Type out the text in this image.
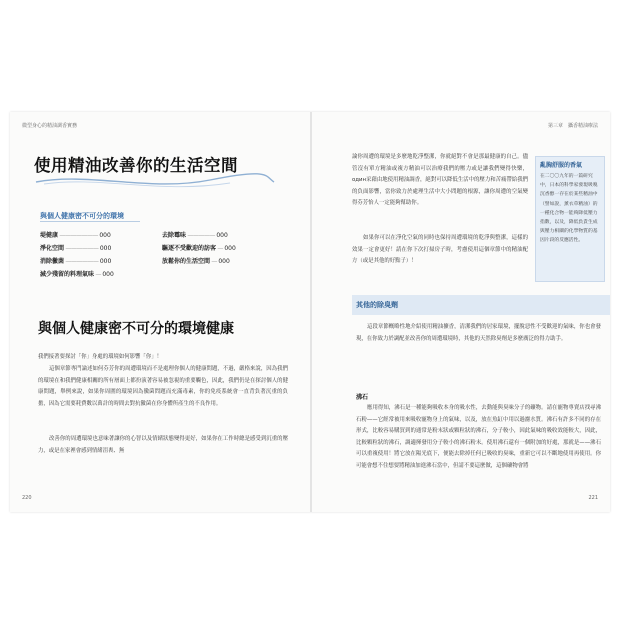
微型身心的精油調香實務	第三章　攝香精油療法
使用精油改善你的生活空間
與個人健康密不可分的環境
堤健康 ——————— 000
淨化空間 —————— 000
消除黴菌 —————— 000
減少殘留的料理氣味 — 000
去除霉味 ————— 000
驅逐不受歡迎的訪客 — 000
放鬆你的生活空間 — 000
與個人健康密不可分的環境健康
我們接著要探討「你」身處的環境如何影響「你」！
這個章節專門論述如何芬芳你的周遭環境而不是處理你個人的健康問題，不過，嚴格來說，因為我們的環境在和我們健康相關的所有層面上都扮演著容易被忽視的重要觸色，因此，我們仍是在探討個人的健康問題，舉例來說，如果你周圍的環境因為黴菌問題而充滿毒素，你的免疫系統會一直背負著沉重的負擔，因為它需要耗費數以萬計的時間去對抗黴菌在你身體所產生的不良作用。
改善你的周遭環境也意味著讓你的心智以及情緒狀態變得更好，如果你在工作時總是感受到沉重的壓力，或是在家裡會感到情緒沮喪、無
論你周遭的環境是多麼地乾淨整潔，你就絕對不會是那最健康的自己。儘管沒有單方精油或複方精油可以治療我們的壓力或是讓我們變得快樂，один采藉由地使用精油調香，絕對可以降低生活中的壓力和苦痛帶給我們的負面影響，當你致力於處理生活中大小問題的根源，讓你周遭的空氣變得芬芳怡人一定能夠幫助你。
如果你可以在淨化空氣的同時也保持周遭環境的乾淨與整潔，這樣的效果一定會更好！請在你下次打掃房子時，考慮使用這個章節中的精油配方（或是其他的好點子）！
亂胸舒服的香氣
在二〇〇九年的一篇研究中，日本的科學家發現吸嗅沉香醇一存在於某些精油中（譬如說，薰衣草精油）的一種化合物一能夠降低壓力指數，以及，降低負責生成與壓力相關的化學物質的基因片段的反應活性。
其他的除臭劑
這段章節概略性地介紹使用精油擴香，清潔我們的居家環境，擺脫惡性不受歡迎的氣味，你也會發現，在你致力於調配並改善你的周遭環境時，其他的天然除臭劑是多麼廣泛的得力助手。
沸石
應用得知，沸石是一種能夠吸收本身的吸水性，去動能與臭味分子的礦物。請在寵物專賣店找尋沸石粉——它經常被用來吸收寵物身上的氣味，以及，放在魚缸中用以過濾水質。沸石有許多不同的存在形式，比較容易購買到的通常是粉末狀或顆粒狀的沸石，分子較小，因此氣味的吸收效能較大，因此，比較顆粒狀的沸石，調適揮發用分子較小的沸石粉末。使用沸石還有一個附加的好處，那就是——沸石可以重複使用！將它放在陽光底下，便能去除掉任何已吸收的臭味，重新它可以不斷地使用再使用。你可能會想不住想要將精油加進沸石當中，但請不要這麼做，這個礦物會將
220	221
